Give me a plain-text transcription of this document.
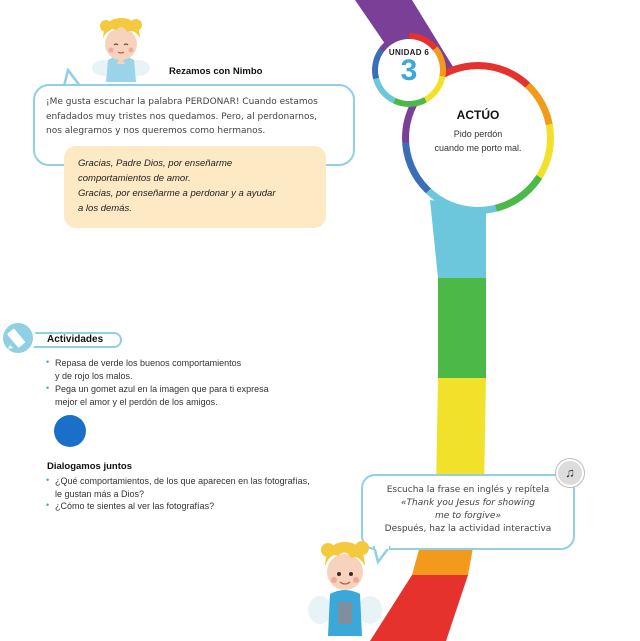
ACTÚO
Pido perdón
cuando me porto mal.
UNIDAD 6
3
Rezamos con Nimbo
¡Me gusta escuchar la palabra PERDONAR! Cuando estamos
enfadados muy tristes nos quedamos. Pero, al perdonarnos,
nos alegramos y nos queremos como hermanos.
Gracias, Padre Dios, por enseñarme
comportamientos de amor.
Gracias, por enseñarme a perdonar y a ayudar
a los demás.
Actividades
• Repasa de verde los buenos comportamientos
y de rojo los malos.
• Pega un gomet azul en la imagen que para ti expresa
mejor el amor y el perdón de los amigos.
Dialogamos juntos
• ¿Qué comportamientos, de los que aparecen en las fotografías,
le gustan más a Dios?
• ¿Cómo te sientes al ver las fotografías?
Escucha la frase en inglés y repítela
«Thank you Jesus for showing
me to forgive»
Después, haz la actividad interactiva
♫
